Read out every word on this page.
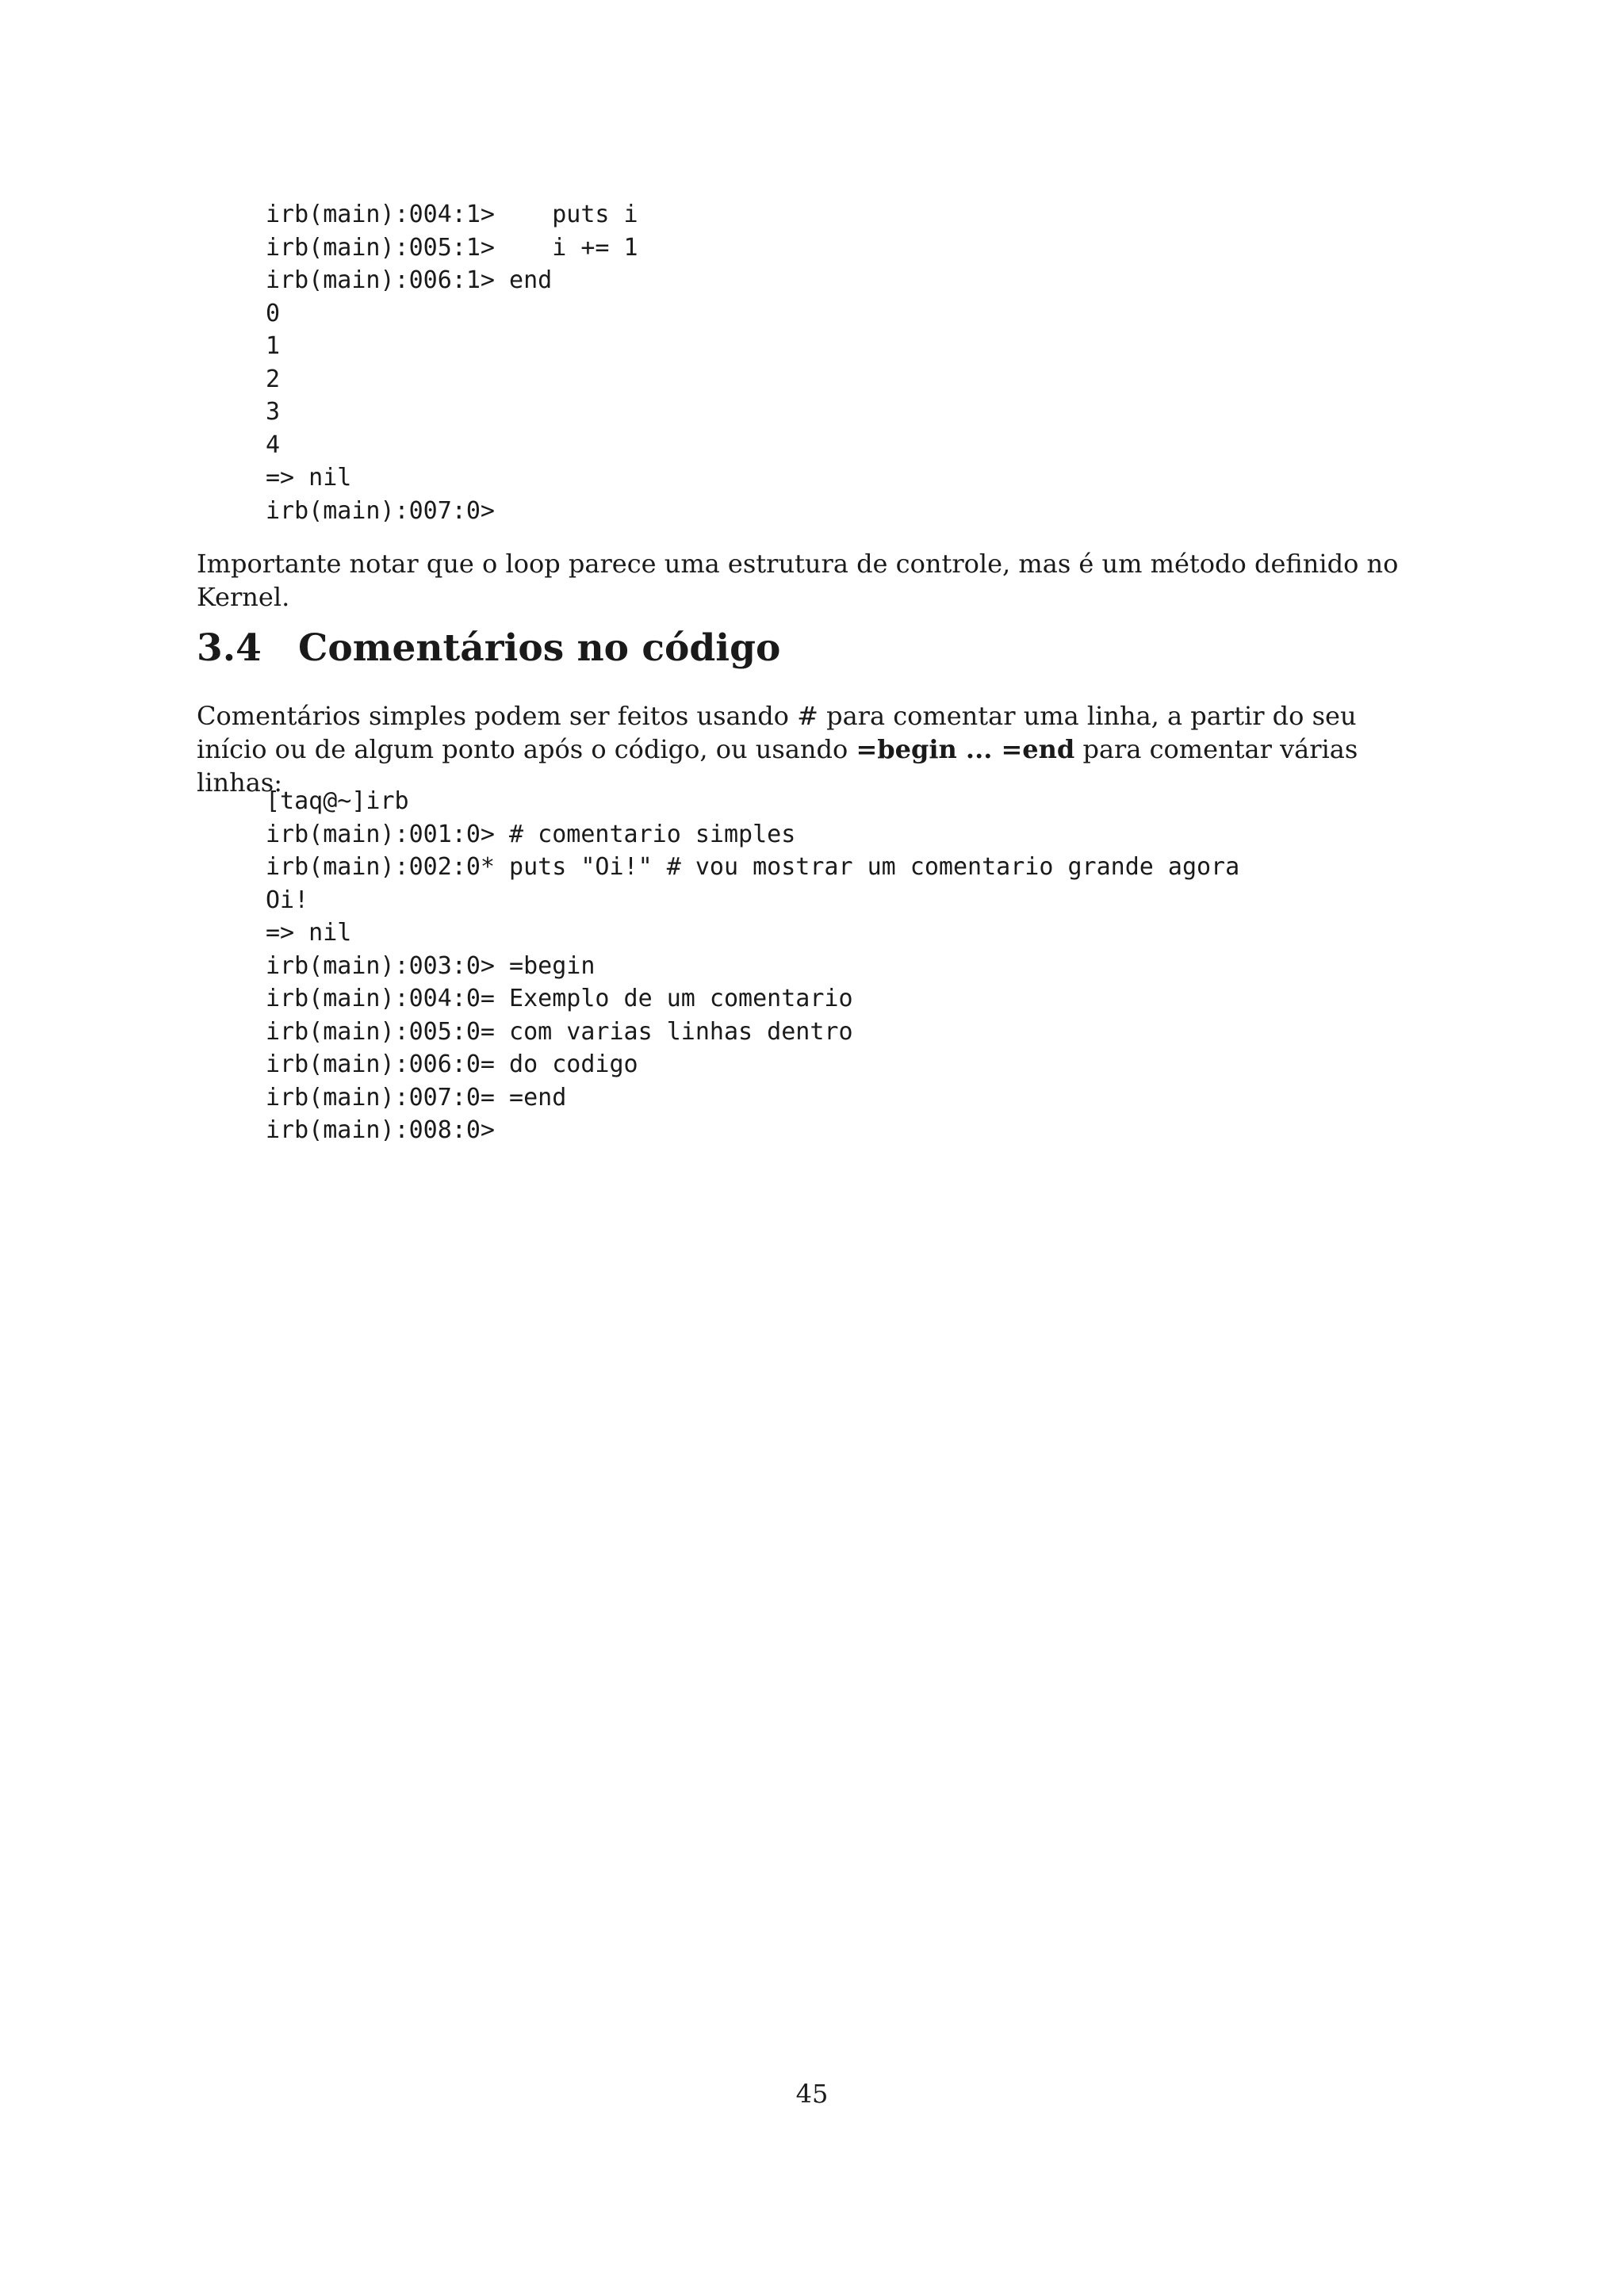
irb(main):004:1>    puts i
irb(main):005:1>    i += 1
irb(main):006:1> end
0
1
2
3
4
=> nil
irb(main):007:0>

Importante notar que o loop parece uma estrutura de controle, mas é um método definido no Kernel.

3.4 Comentários no código

Comentários simples podem ser feitos usando # para comentar uma linha, a partir do seu início ou de algum ponto após o código, ou usando =begin ... =end para comentar várias linhas:

[taq@~]irb
irb(main):001:0> # comentario simples
irb(main):002:0* puts "Oi!" # vou mostrar um comentario grande agora
Oi!
=> nil
irb(main):003:0> =begin
irb(main):004:0= Exemplo de um comentario
irb(main):005:0= com varias linhas dentro
irb(main):006:0= do codigo
irb(main):007:0= =end
irb(main):008:0>
45
